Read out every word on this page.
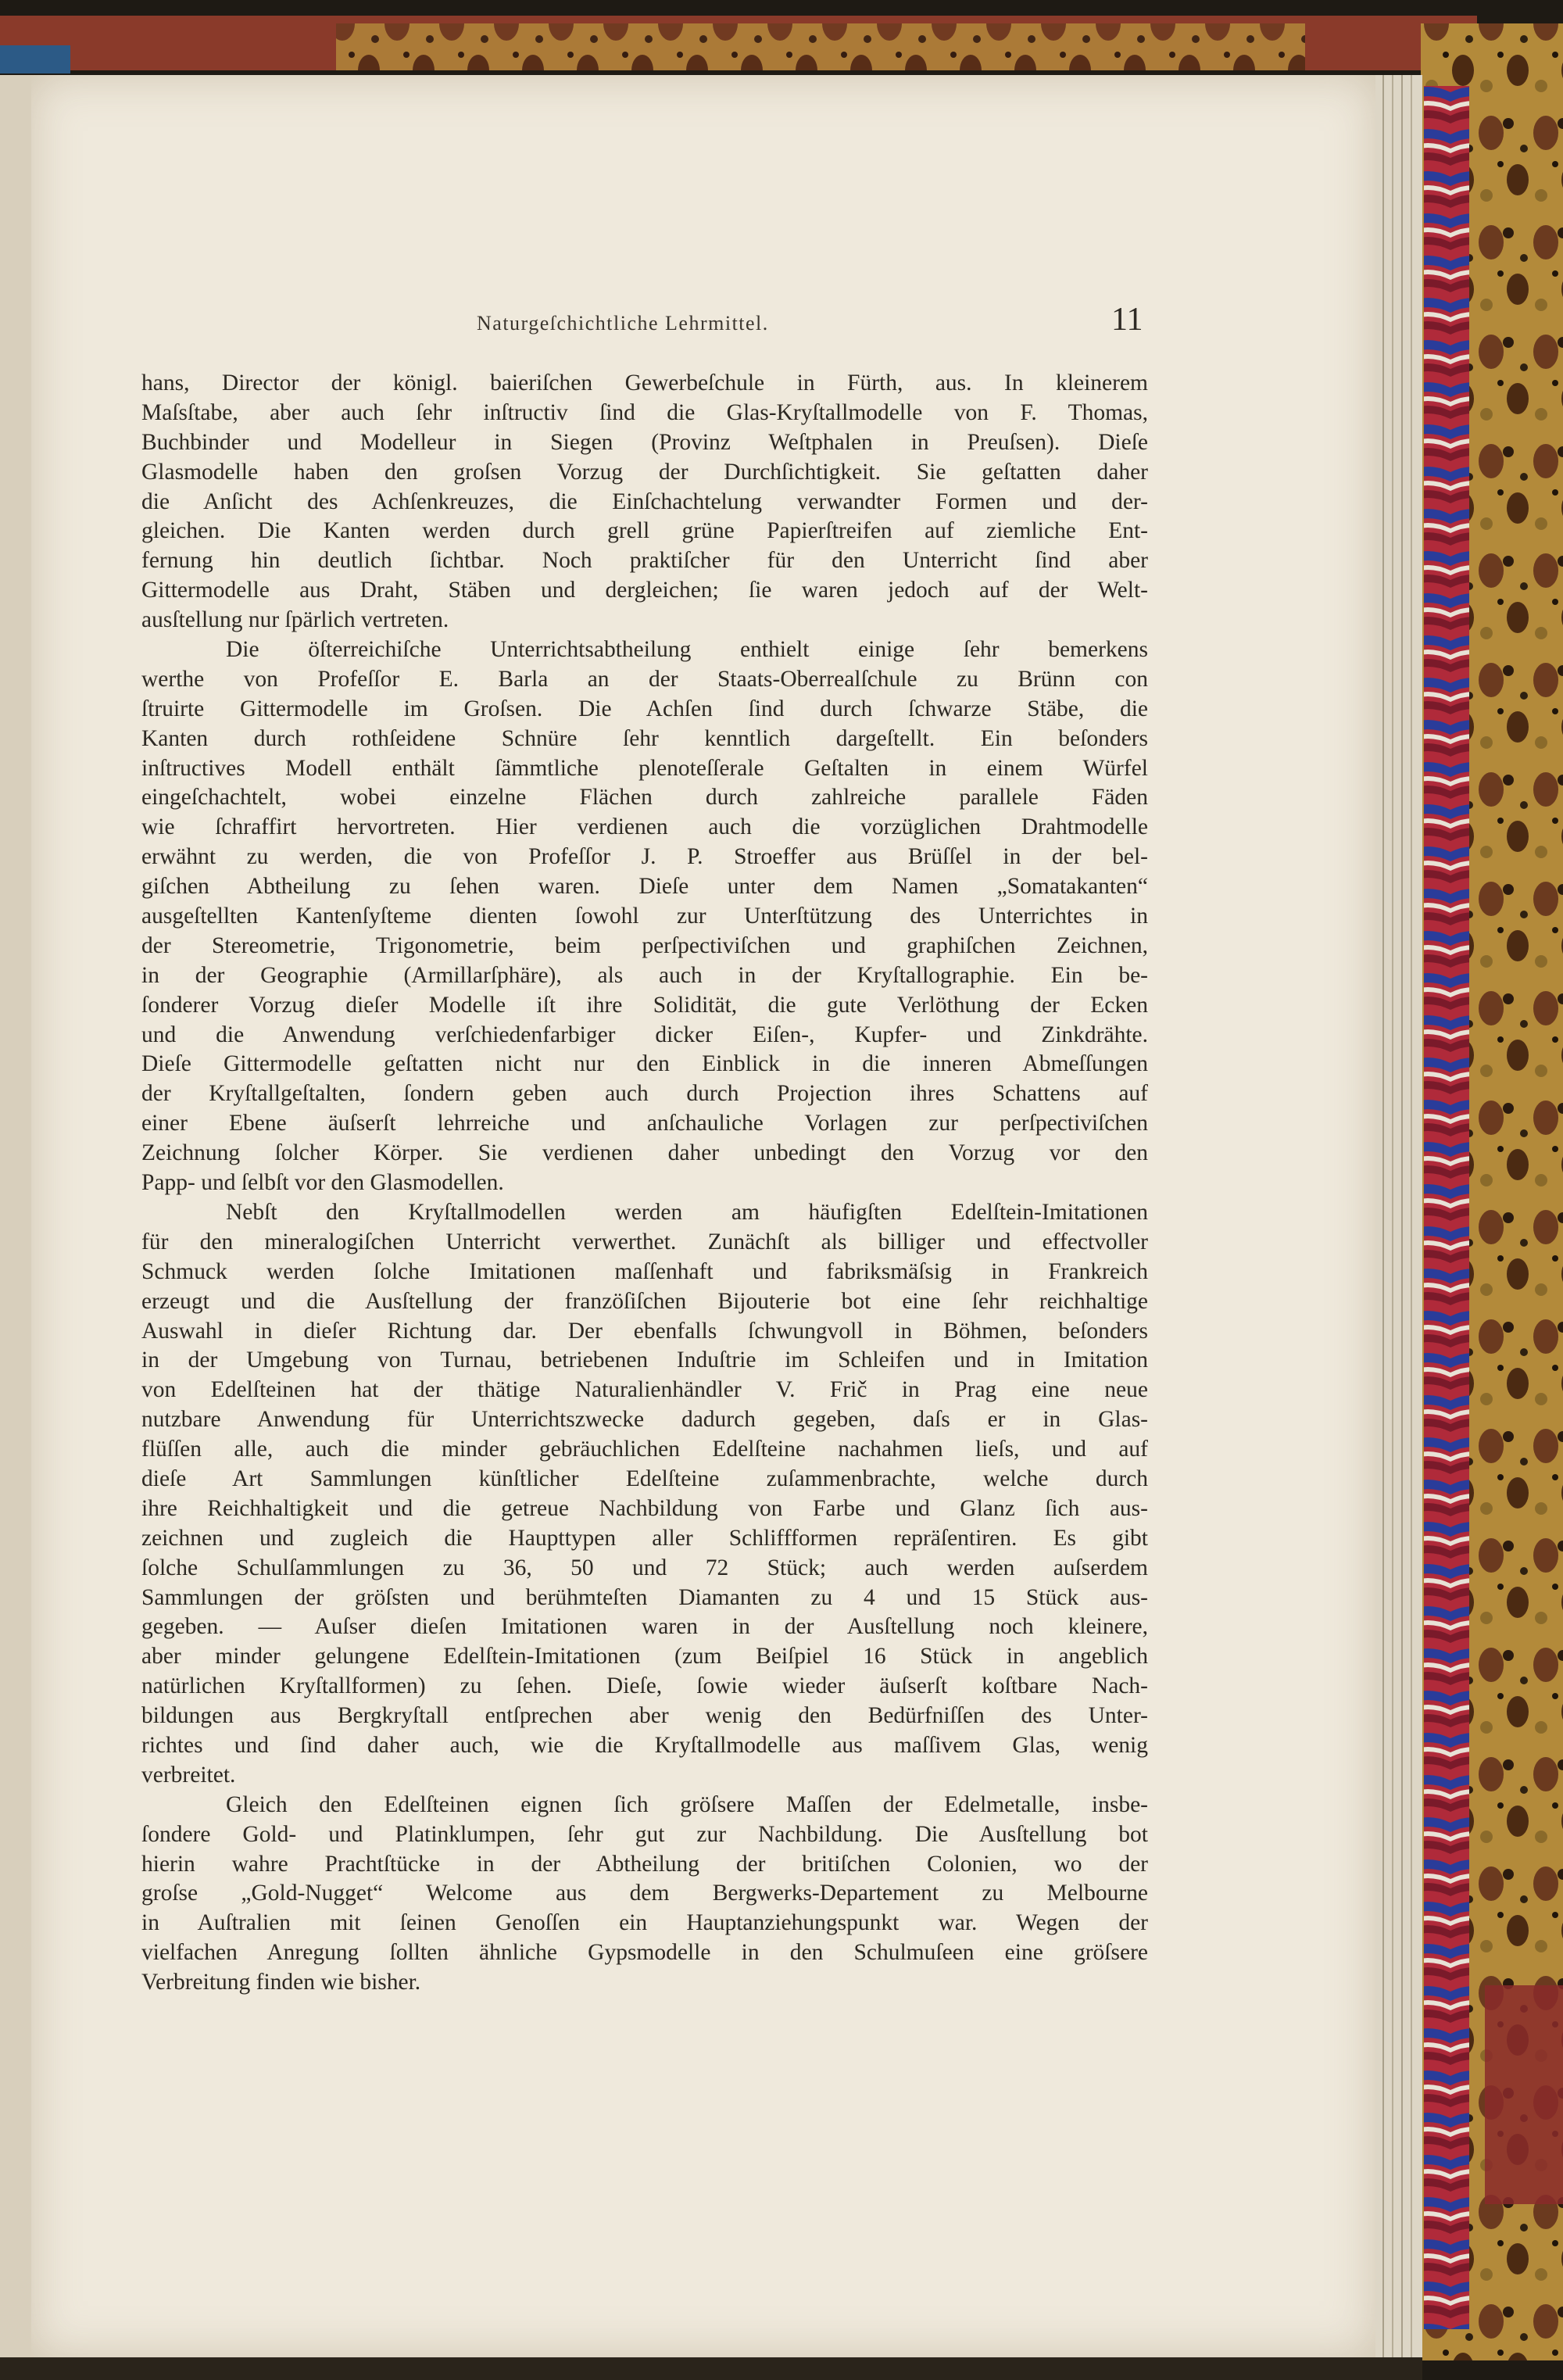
Naturgeſchichtliche Lehrmittel.	11
hans, Director der königl. baieriſchen Gewerbeſchule in Fürth, aus. In kleinerem
Maſsſtabe, aber auch ſehr inſtructiv ſind die Glas-Kryſtallmodelle von F. Thomas,
Buchbinder und Modelleur in Siegen (Provinz Weſtphalen in Preuſsen). Dieſe
Glasmodelle haben den groſsen Vorzug der Durchſichtigkeit. Sie geſtatten daher
die Anſicht des Achſenkreuzes, die Einſchachtelung verwandter Formen und der-
gleichen. Die Kanten werden durch grell grüne Papierſtreifen auf ziemliche Ent-
fernung hin deutlich ſichtbar. Noch praktiſcher für den Unterricht ſind aber
Gittermodelle aus Draht, Stäben und dergleichen; ſie waren jedoch auf der Welt-
ausſtellung nur ſpärlich vertreten.
Die öſterreichiſche Unterrichtsabtheilung enthielt einige ſehr bemerkens
werthe von Profeſſor E. Barla an der Staats-Oberrealſchule zu Brünn con
ſtruirte Gittermodelle im Groſsen. Die Achſen ſind durch ſchwarze Stäbe, die
Kanten durch rothſeidene Schnüre ſehr kenntlich dargeſtellt. Ein beſonders
inſtructives Modell enthält ſämmtliche plenoteſſerale Geſtalten in einem Würfel
eingeſchachtelt, wobei einzelne Flächen durch zahlreiche parallele Fäden
wie ſchraffirt hervortreten. Hier verdienen auch die vorzüglichen Drahtmodelle
erwähnt zu werden, die von Profeſſor J. P. Stroeffer aus Brüſſel in der bel-
giſchen Abtheilung zu ſehen waren. Dieſe unter dem Namen „Somatakanten“
ausgeſtellten Kantenſyſteme dienten ſowohl zur Unterſtützung des Unterrichtes in
der Stereometrie, Trigonometrie, beim perſpectiviſchen und graphiſchen Zeichnen,
in der Geographie (Armillarſphäre), als auch in der Kryſtallographie. Ein be-
ſonderer Vorzug dieſer Modelle iſt ihre Solidität, die gute Verlöthung der Ecken
und die Anwendung verſchiedenfarbiger dicker Eiſen-, Kupfer- und Zinkdrähte.
Dieſe Gittermodelle geſtatten nicht nur den Einblick in die inneren Abmeſſungen
der Kryſtallgeſtalten, ſondern geben auch durch Projection ihres Schattens auf
einer Ebene äuſserſt lehrreiche und anſchauliche Vorlagen zur perſpectiviſchen
Zeichnung ſolcher Körper. Sie verdienen daher unbedingt den Vorzug vor den
Papp- und ſelbſt vor den Glasmodellen.
Nebſt den Kryſtallmodellen werden am häufigſten Edelſtein-Imitationen
für den mineralogiſchen Unterricht verwerthet. Zunächſt als billiger und effectvoller
Schmuck werden ſolche Imitationen maſſenhaft und fabriksmäſsig in Frankreich
erzeugt und die Ausſtellung der franzöſiſchen Bijouterie bot eine ſehr reichhaltige
Auswahl in dieſer Richtung dar. Der ebenfalls ſchwungvoll in Böhmen, beſonders
in der Umgebung von Turnau, betriebenen Induſtrie im Schleifen und in Imitation
von Edelſteinen hat der thätige Naturalienhändler V. Frič in Prag eine neue
nutzbare Anwendung für Unterrichtszwecke dadurch gegeben, daſs er in Glas-
flüſſen alle, auch die minder gebräuchlichen Edelſteine nachahmen lieſs, und auf
dieſe Art Sammlungen künſtlicher Edelſteine zuſammenbrachte, welche durch
ihre Reichhaltigkeit und die getreue Nachbildung von Farbe und Glanz ſich aus-
zeichnen und zugleich die Haupttypen aller Schliffformen repräſentiren. Es gibt
ſolche Schulſammlungen zu 36, 50 und 72 Stück; auch werden auſserdem
Sammlungen der gröſsten und berühmteſten Diamanten zu 4 und 15 Stück aus-
gegeben. — Auſser dieſen Imitationen waren in der Ausſtellung noch kleinere,
aber minder gelungene Edelſtein-Imitationen (zum Beiſpiel 16 Stück in angeblich
natürlichen Kryſtallformen) zu ſehen. Dieſe, ſowie wieder äuſserſt koſtbare Nach-
bildungen aus Bergkryſtall entſprechen aber wenig den Bedürfniſſen des Unter-
richtes und ſind daher auch, wie die Kryſtallmodelle aus maſſivem Glas, wenig
verbreitet.
Gleich den Edelſteinen eignen ſich gröſsere Maſſen der Edelmetalle, insbe-
ſondere Gold- und Platinklumpen, ſehr gut zur Nachbildung. Die Ausſtellung bot
hierin wahre Prachtſtücke in der Abtheilung der britiſchen Colonien, wo der
groſse „Gold-Nugget“ Welcome aus dem Bergwerks-Departement zu Melbourne
in Auſtralien mit ſeinen Genoſſen ein Hauptanziehungspunkt war. Wegen der
vielfachen Anregung ſollten ähnliche Gypsmodelle in den Schulmuſeen eine gröſsere
Verbreitung finden wie bisher.
